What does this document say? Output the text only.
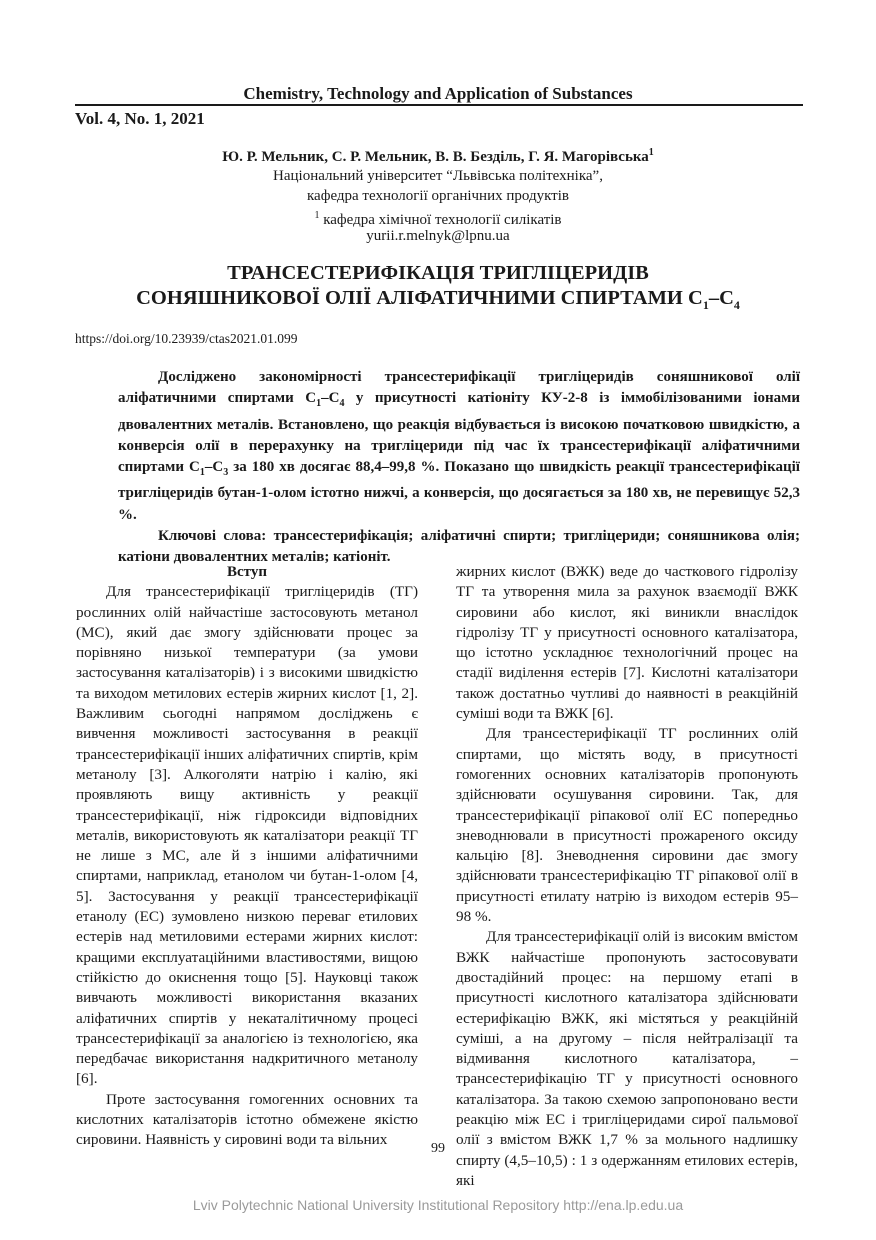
Chemistry, Technology and Application of Substances
Vol. 4, No. 1, 2021
Ю. Р. Мельник, С. Р. Мельник, В. В. Безділь, Г. Я. Магорівська$^1$
Національний університет “Львівська політехніка”,
кафедра технології органічних продуктів
$^1$ кафедра хімічної технології силікатів
yurii.r.melnyk@lpnu.ua
ТРАНСЕСТЕРИФІКАЦІЯ ТРИГЛІЦЕРИДІВ
СОНЯШНИКОВОЇ ОЛІЇ АЛІФАТИЧНИМИ СПИРТАМИ $C_1-C_4$
https://doi.org/10.23939/ctas2021.01.099

Досліджено закономірності трансестерифікації тригліцеридів соняшникової олії аліфатичними спиртами $C_1-C_4$ у присутності катіоніту КУ-2-8 із іммобілізованими іонами двовалентних металів. Встановлено, що реакція відбувається із високою початковою швидкістю, а конверсія олії в перерахунку на тригліцериди під час їх трансестерифікації аліфатичними спиртами $C_1-C_3$ за 180 хв досягає 88,4–99,8 %. Показано що швидкість реакції трансестерифікації тригліцеридів бутан-1-олом істотно нижчі, а конверсія, що досягається за 180 хв, не перевищує 52,3 %.

Ключові слова: трансестерифікація; аліфатичні спирти; тригліцериди; соняшникова олія; катіони двовалентних металів; катіоніт.

Вступ

Для трансестерифікації тригліцеридів (ТГ) рослинних олій найчастіше застосовують метанол (МС), який дає змогу здійснювати процес за порівняно низької температури (за умови застосування каталізаторів) і з високими швидкістю та виходом метилових естерів жирних кислот [1, 2]. Важливим сьогодні напрямом досліджень є вивчення можливості застосування в реакції трансестерифікації інших аліфатичних спиртів, крім метанолу [3]. Алкоголяти натрію і калію, які проявляють вищу активність у реакції трансестерифікації, ніж гідроксиди відповідних металів, використовують як каталізатори реакції ТГ не лише з МС, але й з іншими аліфатичними спиртами, наприклад, етанолом чи бутан-1-олом [4, 5]. Застосування у реакції трансестерифікації етанолу (ЕС) зумовлено низкою переваг етилових естерів над метиловими естерами жирних кислот: кращими експлуатаційними властивостями, вищою стійкістю до окиснення тощо [5]. Науковці також вивчають можливості використання вказаних аліфатичних спиртів у некаталітичному процесі трансестерифікації за аналогією із технологією, яка передбачає використання надкритичного метанолу [6].

Проте застосування гомогенних основних та кислотних каталізаторів істотно обмежене якістю сировини. Наявність у сировині води та вільних

жирних кислот (ВЖК) веде до часткового гідролізу ТГ та утворення мила за рахунок взаємодії ВЖК сировини або кислот, які виникли внаслідок гідролізу ТГ у присутності основного каталізатора, що істотно ускладнює технологічний процес на стадії виділення естерів [7]. Кислотні каталізатори також достатньо чутливі до наявності в реакційній суміші води та ВЖК [6].

Для трансестерифікації ТГ рослинних олій спиртами, що містять воду, в присутності гомогенних основних каталізаторів пропонують здійснювати осушування сировини. Так, для трансестерифікації ріпакової олії ЕС попередньо зневоднювали в присутності прожареного оксиду кальцію [8]. Зневоднення сировини дає змогу здійснювати трансестерифікацію ТГ ріпакової олії в присутності етилату натрію із виходом естерів 95–98 %.

Для трансестерифікації олій із високим вмістом ВЖК найчастіше пропонують застосовувати двостадійний процес: на першому етапі в присутності кислотного каталізатора здійснювати естерифікацію ВЖК, які містяться у реакційній суміші, а на другому – після нейтралізації та відмивання кислотного каталізатора, – трансестерифікацію ТГ у присутності основного каталізатора. За такою схемою запропоновано вести реакцію між ЕС і тригліцеридами сирої пальмової олії з вмістом ВЖК 1,7 % за мольного надлишку спирту (4,5–10,5) : 1 з одержанням етилових естерів, які

99
Lviv Polytechnic National University Institutional Repository http://ena.lp.edu.ua
